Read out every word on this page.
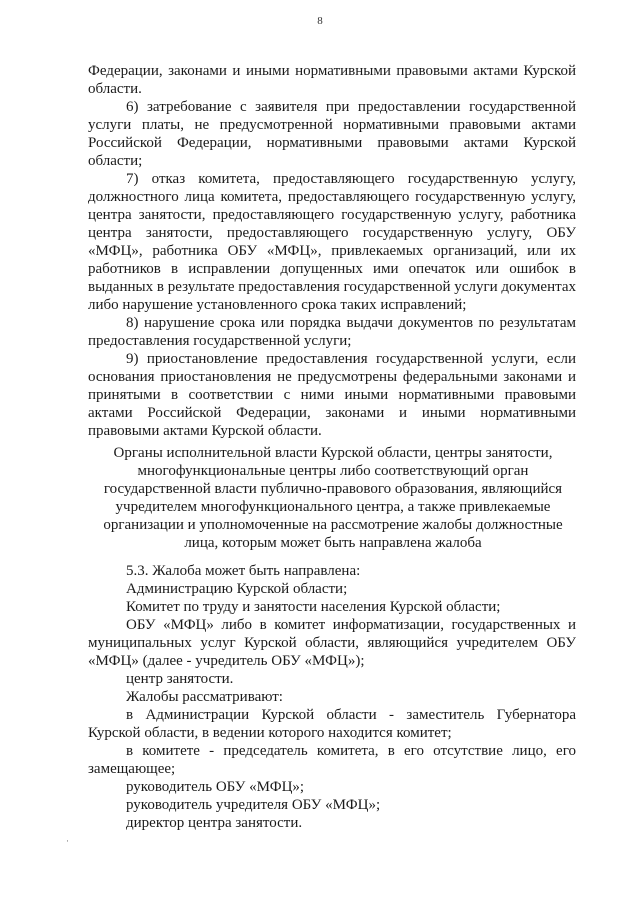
8

Федерации, законами и иными нормативными правовыми актами Курской области.

6) затребование с заявителя при предоставлении государственной услуги платы, не предусмотренной нормативными правовыми актами Российской Федерации, нормативными правовыми актами Курской области;

7) отказ комитета, предоставляющего государственную услугу, должностного лица комитета, предоставляющего государственную услугу, центра занятости, предоставляющего государственную услугу, работника центра занятости, предоставляющего государственную услугу, ОБУ «МФЦ», работника ОБУ «МФЦ», привлекаемых организаций, или их работников в исправлении допущенных ими опечаток или ошибок в выданных в результате предоставления государственной услуги документах либо нарушение установленного срока таких исправлений;

8) нарушение срока или порядка выдачи документов по результатам предоставления государственной услуги;

9) приостановление предоставления государственной услуги, если основания приостановления не предусмотрены федеральными законами и принятыми в соответствии с ними иными нормативными правовыми актами Российской Федерации, законами и иными нормативными правовыми актами Курской области.

Органы исполнительной власти Курской области, центры занятости,
многофункциональные центры либо соответствующий орган
государственной власти публично-правового образования, являющийся
учредителем многофункционального центра, а также привлекаемые
организации и уполномоченные на рассмотрение жалобы должностные
лица, которым может быть направлена жалоба

5.3. Жалоба может быть направлена:

Администрацию Курской области;

Комитет по труду и занятости населения Курской области;

ОБУ «МФЦ» либо в комитет информатизации, государственных и муниципальных услуг Курской области, являющийся учредителем ОБУ «МФЦ» (далее - учредитель ОБУ «МФЦ»);

центр занятости.

Жалобы рассматривают:

в Администрации Курской области - заместитель Губернатора Курской области, в ведении которого находится комитет;

в комитете - председатель комитета, в его отсутствие лицо, его замещающее;

руководитель ОБУ «МФЦ»;

руководитель учредителя ОБУ «МФЦ»;

директор центра занятости.

·
